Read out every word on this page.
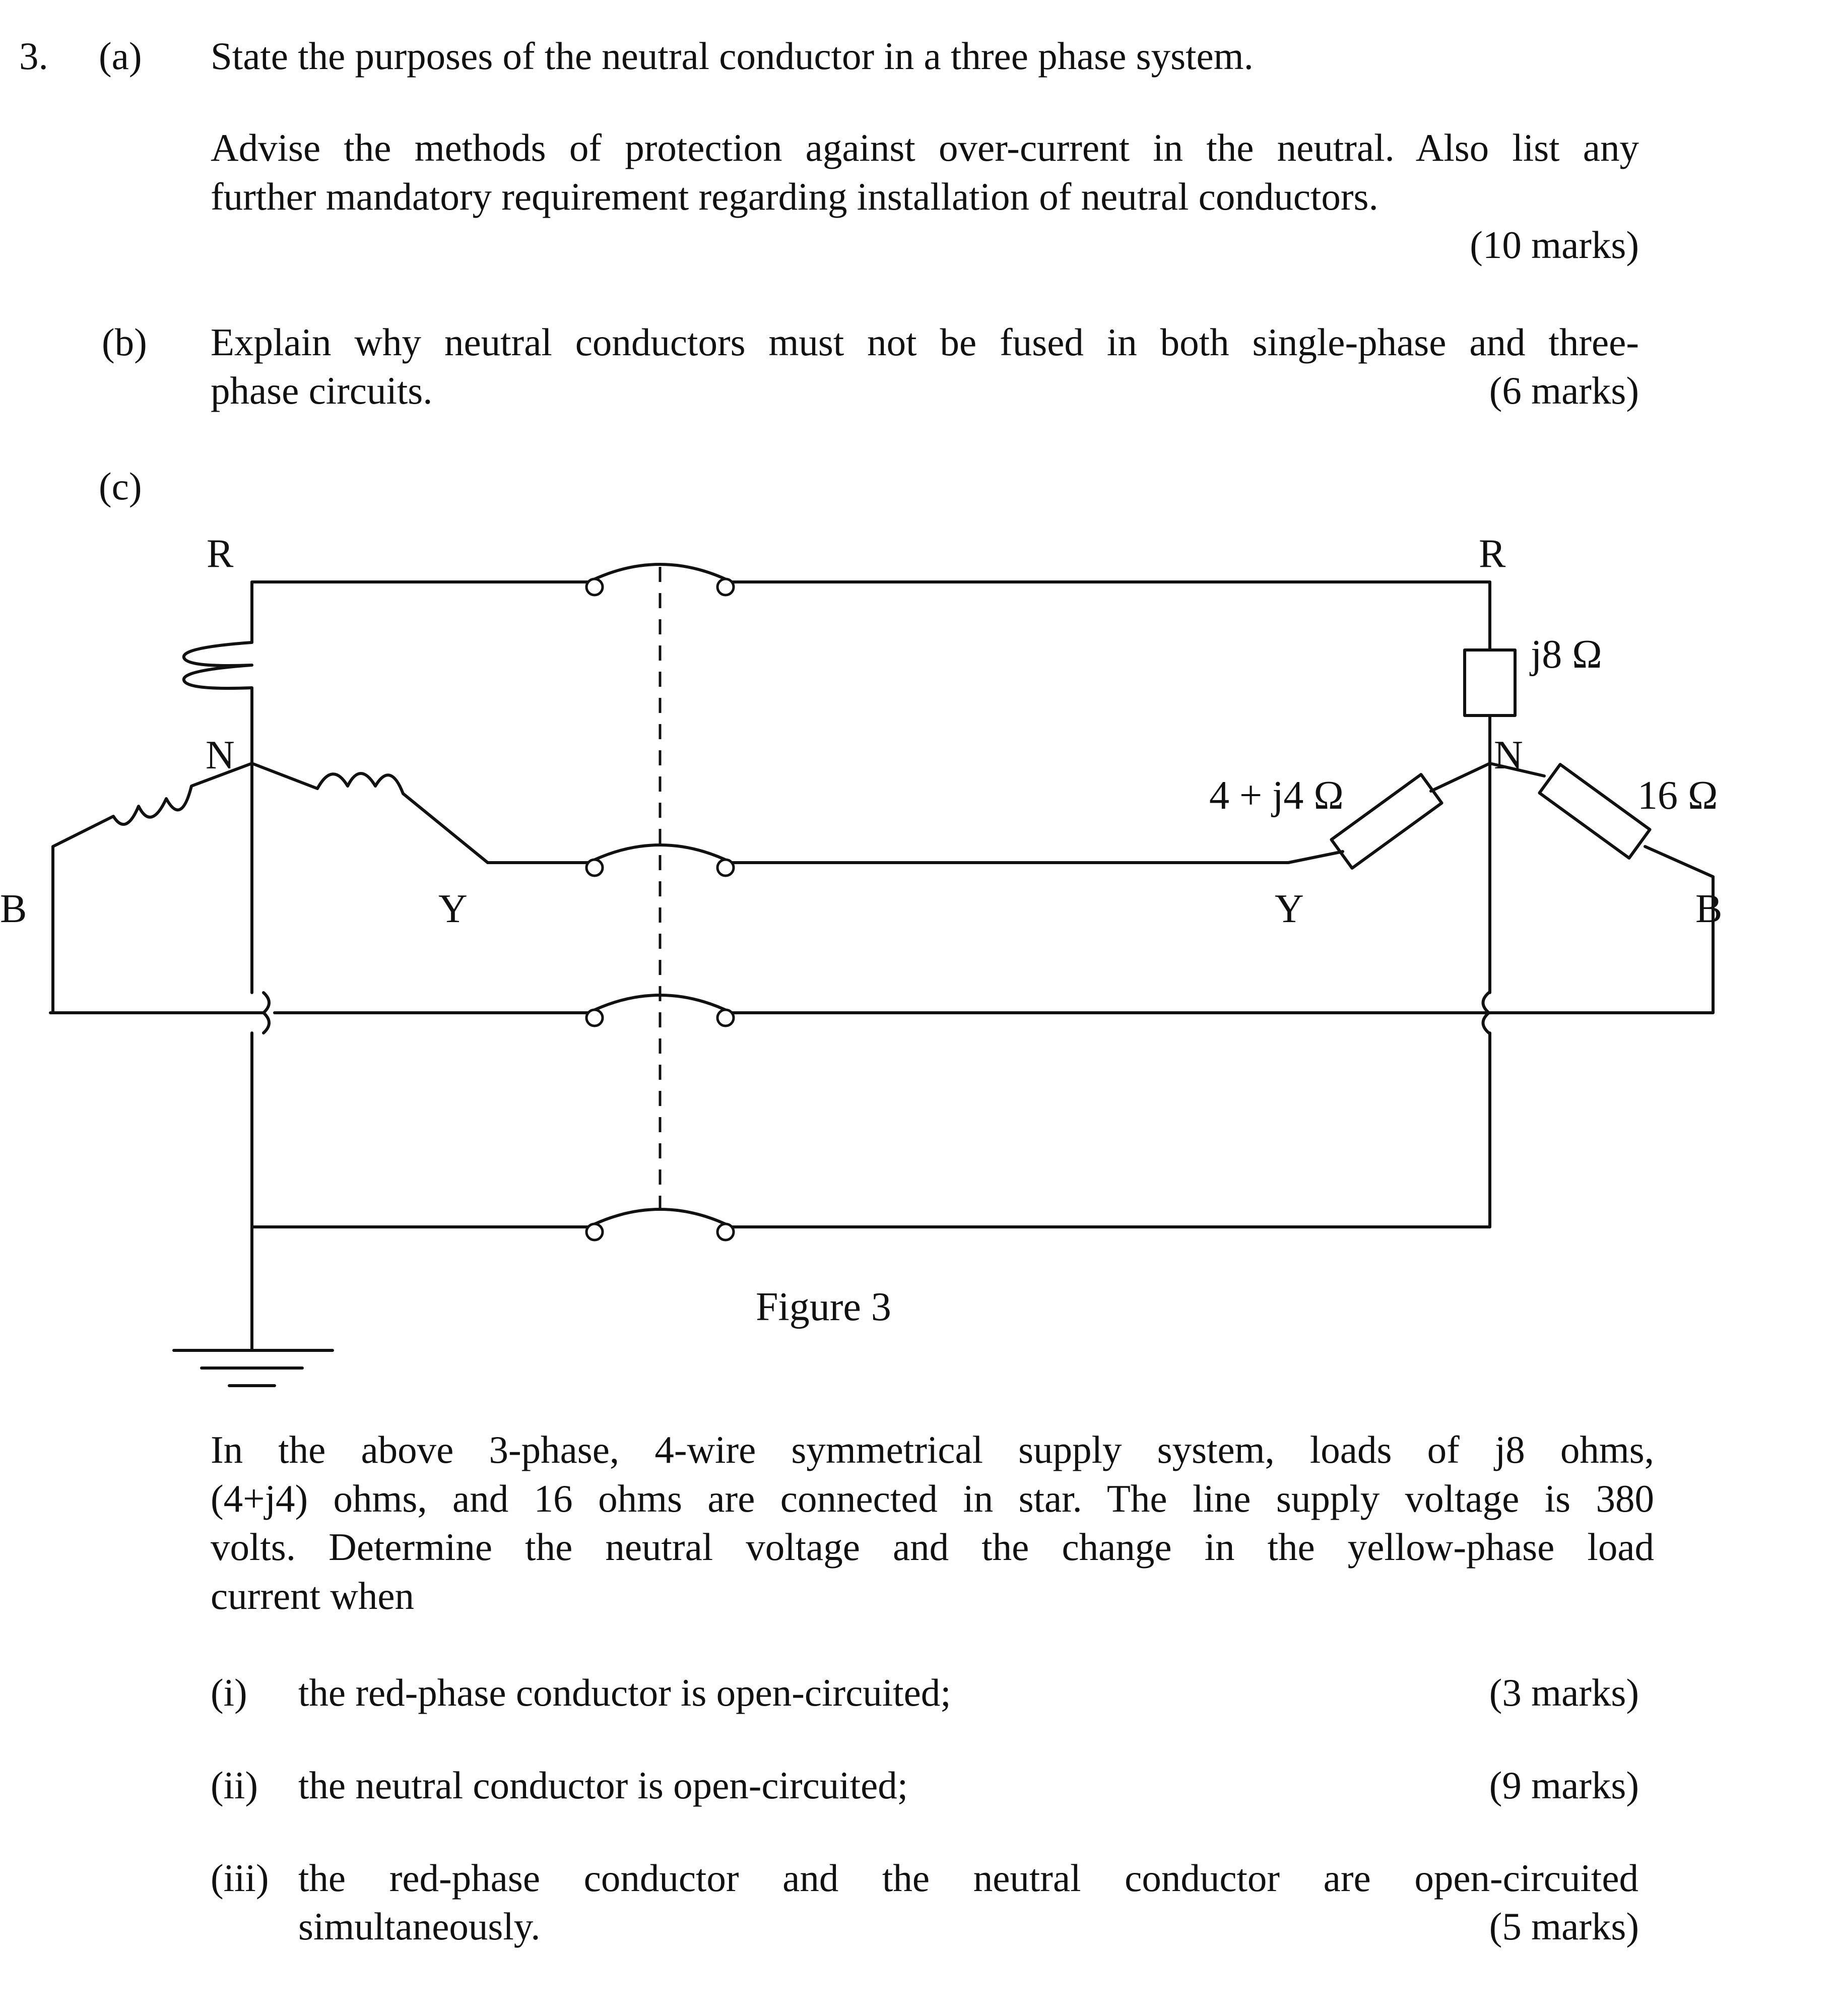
3. (a) State the purposes of the neutral conductor in a three phase system.
Advise the methods of protection against over-current in the neutral. Also list any
further mandatory requirement regarding installation of neutral conductors.
(10 marks)
(b) Explain why neutral conductors must not be fused in both single-phase and three-
phase circuits.	(6 marks)
(c)
R
N
Y
B
R
N
Y	B
j8 Ω
4 + j4 Ω	16 Ω
Figure 3
In the above 3-phase, 4-wire symmetrical supply system, loads of j8 ohms,
(4+j4) ohms, and 16 ohms are connected in star. The line supply voltage is 380
volts. Determine the neutral voltage and the change in the yellow-phase load
current when
(i) the red-phase conductor is open-circuited;	(3 marks)
(ii) the neutral conductor is open-circuited;	(9 marks)
(iii) the red-phase conductor and the neutral conductor are open-circuited
simultaneously.	(5 marks)
